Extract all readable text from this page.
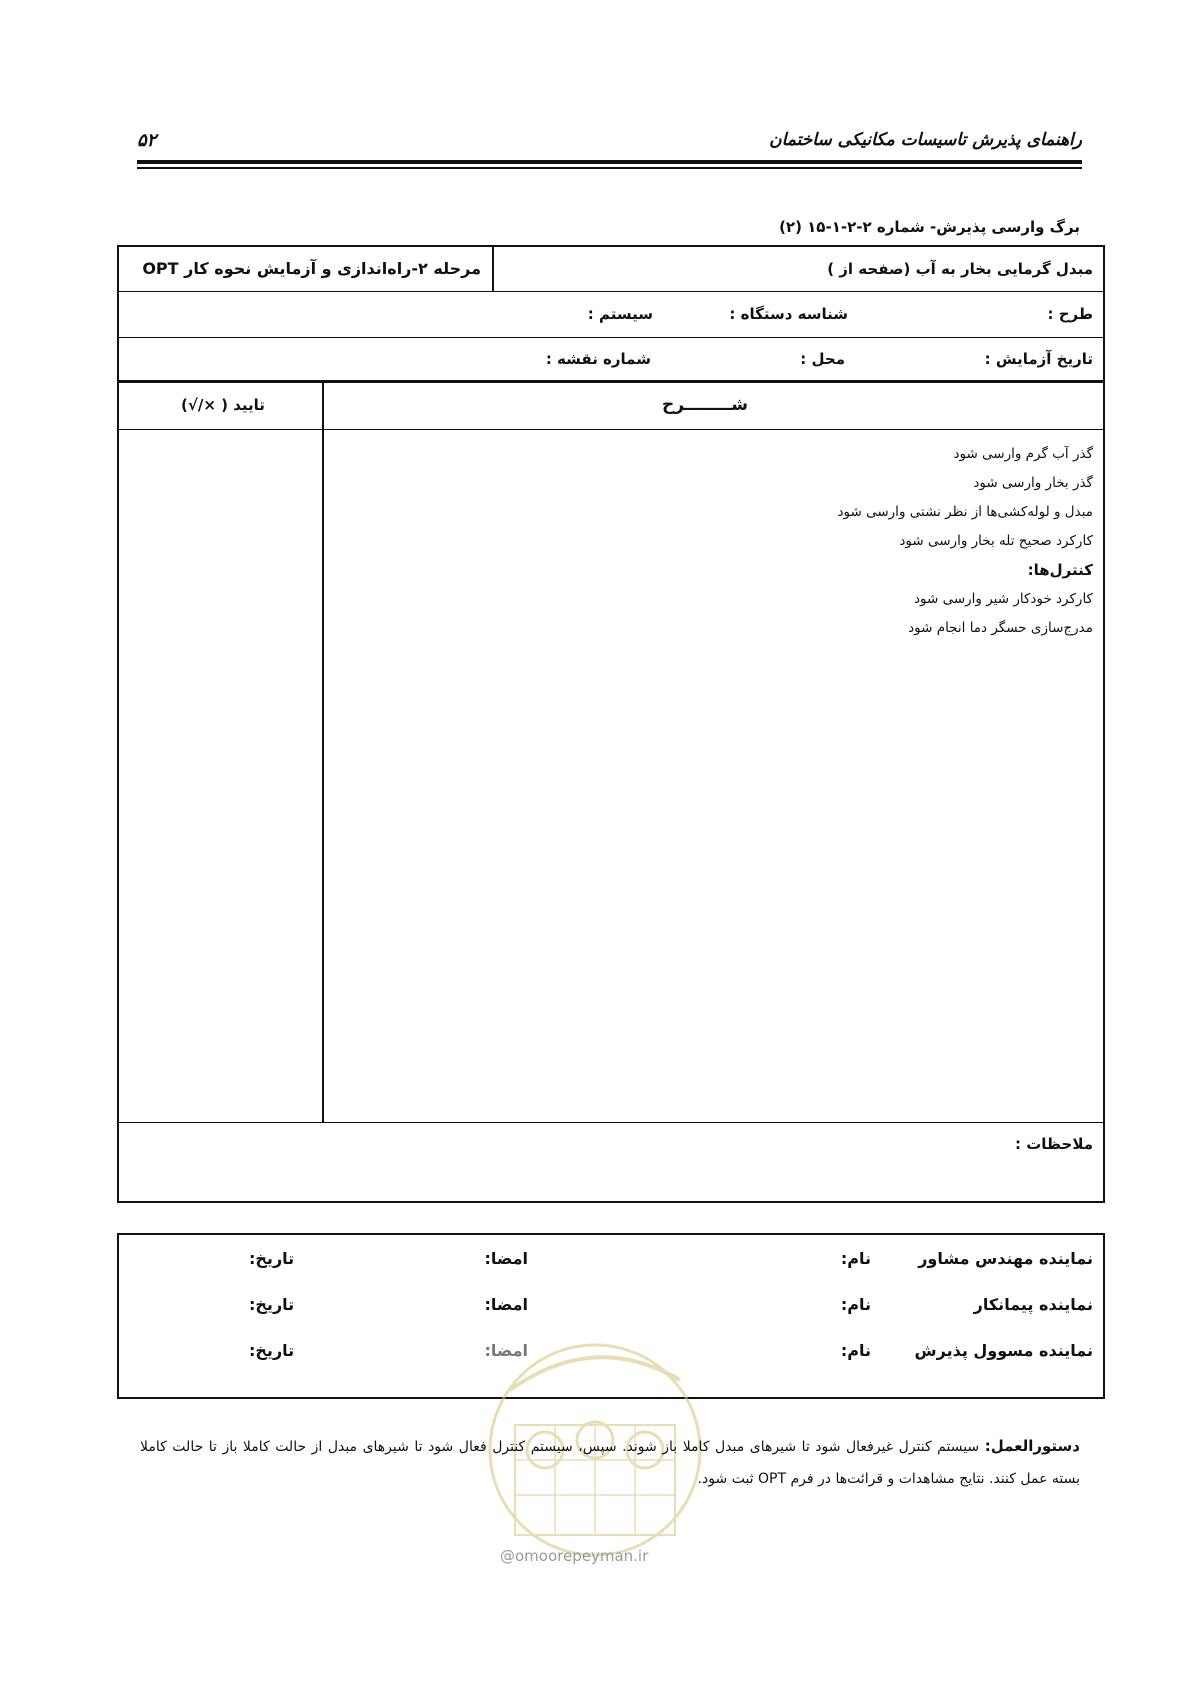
راهنمای پذیرش تاسیسات مکانیکی ساختمان
۵۲
برگ وارسی پذیرش- شماره ۲-۲-۱-۱۵ (۲)
مبدل گرمایی بخار به آب (صفحه از )
مرحله ۲-راه‌اندازی و آزمایش نحوه کار OPT
طرح :
شناسه دستگاه :
سیستم :
تاریخ آزمایش :
محل :
شماره نقشه :
شــــــــرح
تایید ( ×/√)
گذر آب گرم وارسی شود
گذر بخار وارسی شود
مبدل و لوله‌کشی‌ها از نظر نشتی وارسی شود
کارکرد صحیح تله بخار وارسی شود
کنترل‌ها:
کارکرد خودکار شیر وارسی شود
مدرج‌سازی حسگر دما انجام شود
ملاحظات :
نماینده مهندس مشاور
نام:
امضا:
تاریخ:
نماینده پیمانکار
نام:
امضا:
تاریخ:
نماینده مسوول پذیرش
نام:
امضا:
تاریخ:
@omoorepeyman.ir
دستورالعمل: سیستم کنترل غیرفعال شود تا شیرهای مبدل کاملا باز شوند. سپس، سیستم کنترل فعال شود تا شیرهای مبدل از حالت کاملا باز تا حالت کاملا بسته عمل کنند. نتایج مشاهدات و قرائت‌ها در فرم OPT ثبت شود.
